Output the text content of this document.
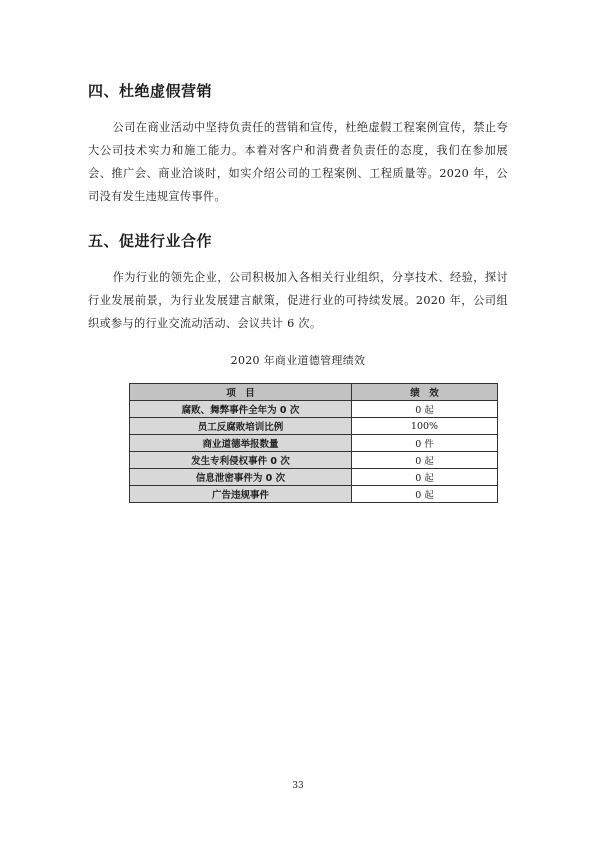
四、杜绝虚假营销

公司在商业活动中坚持负责任的营销和宣传，杜绝虚假工程案例宣传，禁止夸大公司技术实力和施工能力。本着对客户和消费者负责任的态度，我们在参加展会、推广会、商业洽谈时，如实介绍公司的工程案例、工程质量等。2020 年，公司没有发生违规宣传事件。

五、促进行业合作

作为行业的领先企业，公司积极加入各相关行业组织，分享技术、经验，探讨行业发展前景，为行业发展建言献策，促进行业的可持续发展。2020 年，公司组织或参与的行业交流动活动、会议共计 6 次。

2020 年商业道德管理绩效

项　目	绩　效
腐败、舞弊事件全年为 0 次	0 起
员工反腐败培训比例	100%
商业道德举报数量	0 件
发生专利侵权事件 0 次	0 起
信息泄密事件为 0 次	0 起
广告违规事件	0 起

33
